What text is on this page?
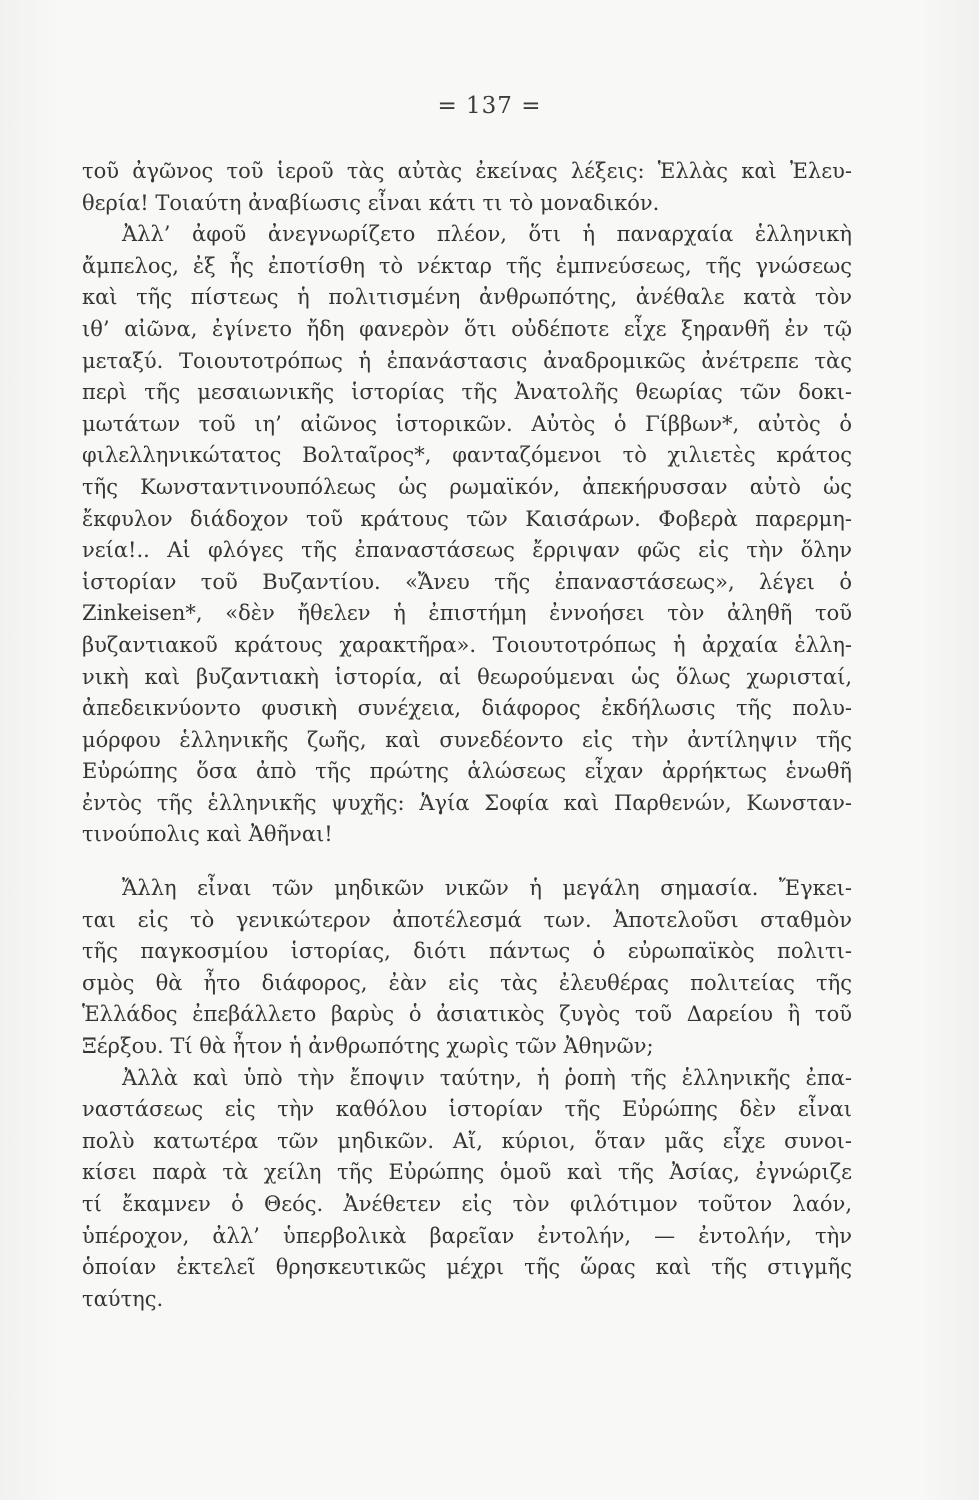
= 137 =
τοῦ ἀγῶνος τοῦ ἱεροῦ τὰς αὐτὰς ἐκείνας λέξεις: Ἑλλὰς καὶ Ἐλευ-
θερία! Τοιαύτη ἀναβίωσις εἶναι κάτι τι τὸ μοναδικόν.
Ἀλλ’ ἀφοῦ ἀνεγνωρίζετο πλέον, ὅτι ἡ παναρχαία ἑλληνικὴ
ἄμπελος, ἐξ ἧς ἐποτίσθη τὸ νέκταρ τῆς ἐμπνεύσεως, τῆς γνώσεως
καὶ τῆς πίστεως ἡ πολιτισμένη ἀνθρωπότης, ἀνέθαλε κατὰ τὸν
ιθ’ αἰῶνα, ἐγίνετο ἤδη φανερὸν ὅτι οὐδέποτε εἶχε ξηρανθῆ ἐν τῷ
μεταξύ. Τοιουτοτρόπως ἡ ἐπανάστασις ἀναδρομικῶς ἀνέτρεπε τὰς
περὶ τῆς μεσαιωνικῆς ἱστορίας τῆς Ἀνατολῆς θεωρίας τῶν δοκι-
μωτάτων τοῦ ιη’ αἰῶνος ἱστορικῶν. Αὐτὸς ὁ Γίββων*, αὐτὸς ὁ
φιλελληνικώτατος Βολταῖρος*, φανταζόμενοι τὸ χιλιετὲς κράτος
τῆς Κωνσταντινουπόλεως ὡς ρωμαϊκόν, ἀπεκήρυσσαν αὐτὸ ὡς
ἔκφυλον διάδοχον τοῦ κράτους τῶν Καισάρων. Φοβερὰ παρερμη-
νεία!.. Αἱ φλόγες τῆς ἐπαναστάσεως ἔρριψαν φῶς εἰς τὴν ὅλην
ἱστορίαν τοῦ Βυζαντίου. «Ἄνευ τῆς ἐπαναστάσεως», λέγει ὁ
Zinkeisen*, «δὲν ἤθελεν ἡ ἐπιστήμη ἐννοήσει τὸν ἀληθῆ τοῦ
βυζαντιακοῦ κράτους χαρακτῆρα». Τοιουτοτρόπως ἡ ἀρχαία ἑλλη-
νικὴ καὶ βυζαντιακὴ ἱστορία, αἱ θεωρούμεναι ὡς ὅλως χωρισταί,
ἀπεδεικνύοντο φυσικὴ συνέχεια, διάφορος ἐκδήλωσις τῆς πολυ-
μόρφου ἑλληνικῆς ζωῆς, καὶ συνεδέοντο εἰς τὴν ἀντίληψιν τῆς
Εὐρώπης ὅσα ἀπὸ τῆς πρώτης ἁλώσεως εἶχαν ἀρρήκτως ἑνωθῆ
ἐντὸς τῆς ἑλληνικῆς ψυχῆς: Ἁγία Σοφία καὶ Παρθενών, Κωνσταν-
τινούπολις καὶ Ἀθῆναι!
Ἄλλη εἶναι τῶν μηδικῶν νικῶν ἡ μεγάλη σημασία. Ἔγκει-
ται εἰς τὸ γενικώτερον ἀποτέλεσμά των. Ἀποτελοῦσι σταθμὸν
τῆς παγκοσμίου ἱστορίας, διότι πάντως ὁ εὐρωπαϊκὸς πολιτι-
σμὸς θὰ ἦτο διάφορος, ἐὰν εἰς τὰς ἐλευθέρας πολιτείας τῆς
Ἑλλάδος ἐπεβάλλετο βαρὺς ὁ ἀσιατικὸς ζυγὸς τοῦ Δαρείου ἢ τοῦ
Ξέρξου. Τί θὰ ἦτον ἡ ἀνθρωπότης χωρὶς τῶν Ἀθηνῶν;
Ἀλλὰ καὶ ὑπὸ τὴν ἔποψιν ταύτην, ἡ ῥοπὴ τῆς ἑλληνικῆς ἐπα-
ναστάσεως εἰς τὴν καθόλου ἱστορίαν τῆς Εὐρώπης δὲν εἶναι
πολὺ κατωτέρα τῶν μηδικῶν. Αἴ, κύριοι, ὅταν μᾶς εἶχε συνοι-
κίσει παρὰ τὰ χείλη τῆς Εὐρώπης ὁμοῦ καὶ τῆς Ἀσίας, ἐγνώριζε
τί ἔκαμνεν ὁ Θεός. Ἀνέθετεν εἰς τὸν φιλότιμον τοῦτον λαόν,
ὑπέροχον, ἀλλ’ ὑπερβολικὰ βαρεῖαν ἐντολήν, — ἐντολήν, τὴν
ὁποίαν ἐκτελεῖ θρησκευτικῶς μέχρι τῆς ὥρας καὶ τῆς στιγμῆς
ταύτης.
